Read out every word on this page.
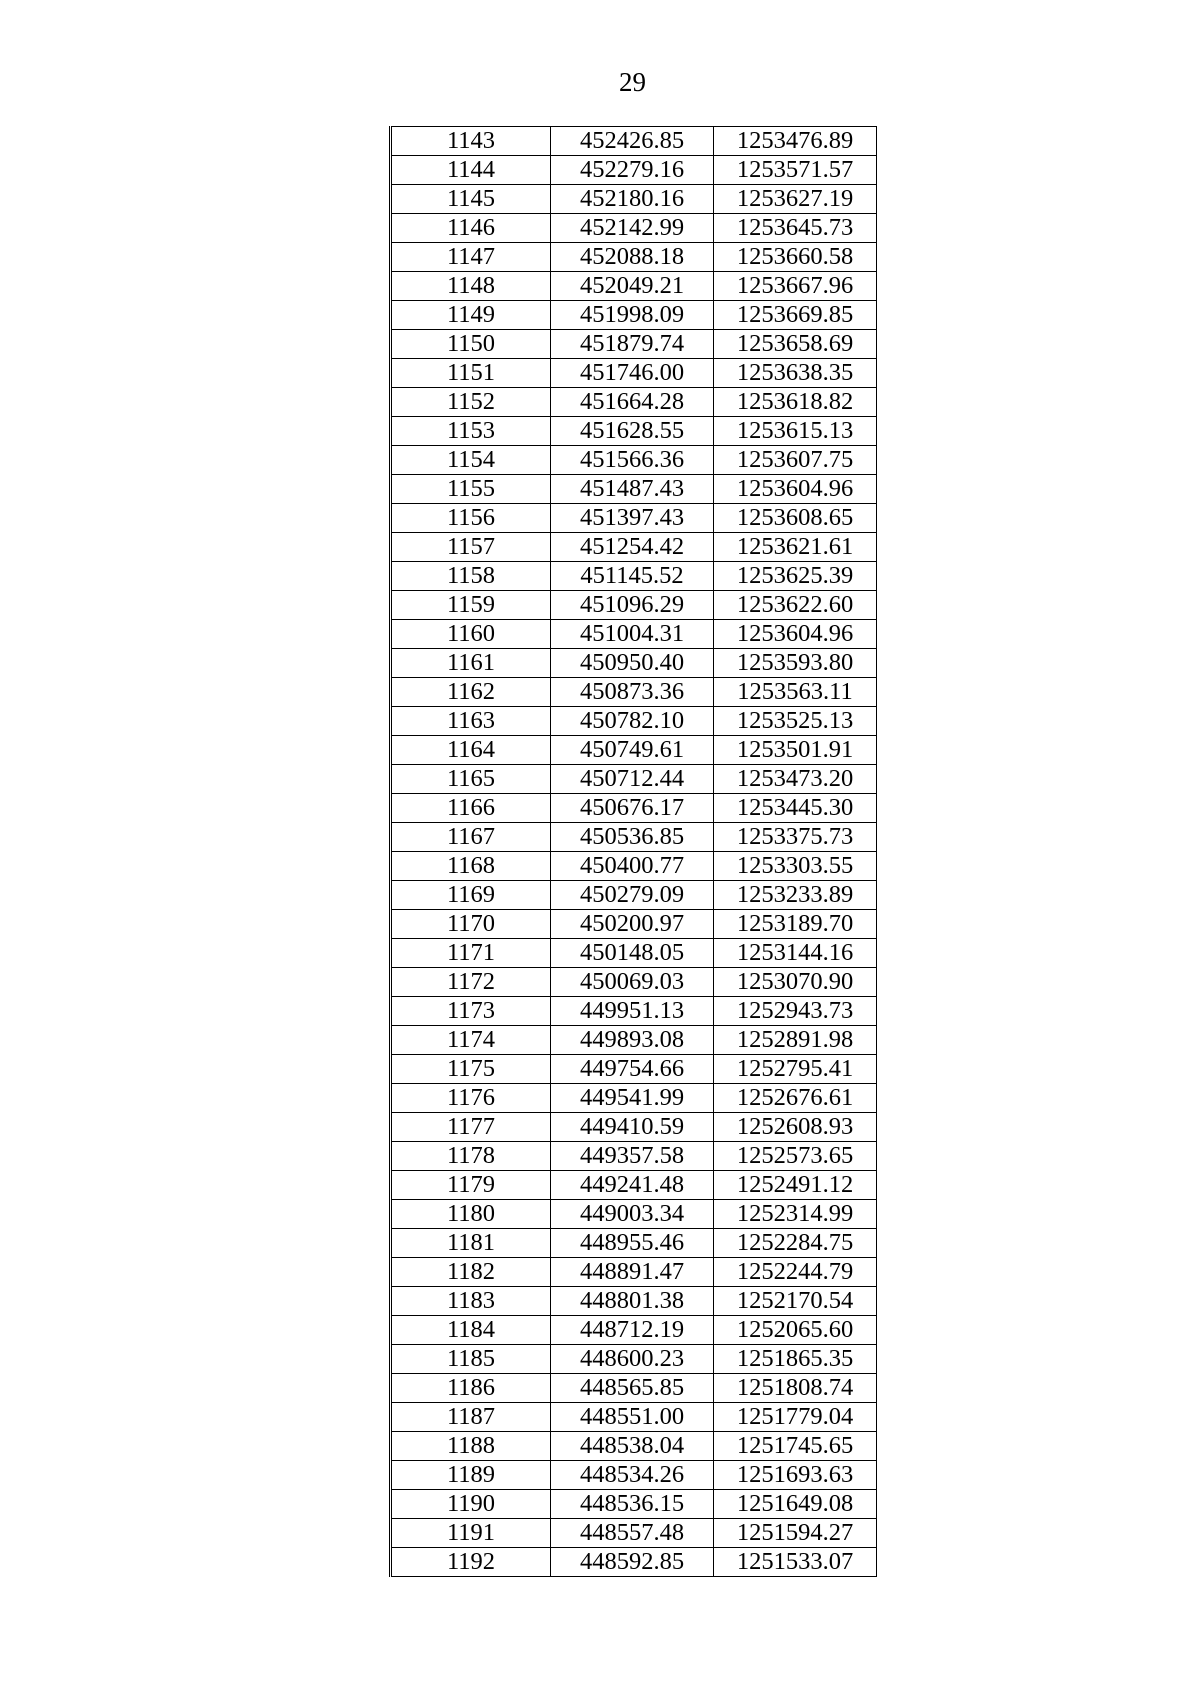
29
1143	452426.85	1253476.89
1144	452279.16	1253571.57
1145	452180.16	1253627.19
1146	452142.99	1253645.73
1147	452088.18	1253660.58
1148	452049.21	1253667.96
1149	451998.09	1253669.85
1150	451879.74	1253658.69
1151	451746.00	1253638.35
1152	451664.28	1253618.82
1153	451628.55	1253615.13
1154	451566.36	1253607.75
1155	451487.43	1253604.96
1156	451397.43	1253608.65
1157	451254.42	1253621.61
1158	451145.52	1253625.39
1159	451096.29	1253622.60
1160	451004.31	1253604.96
1161	450950.40	1253593.80
1162	450873.36	1253563.11
1163	450782.10	1253525.13
1164	450749.61	1253501.91
1165	450712.44	1253473.20
1166	450676.17	1253445.30
1167	450536.85	1253375.73
1168	450400.77	1253303.55
1169	450279.09	1253233.89
1170	450200.97	1253189.70
1171	450148.05	1253144.16
1172	450069.03	1253070.90
1173	449951.13	1252943.73
1174	449893.08	1252891.98
1175	449754.66	1252795.41
1176	449541.99	1252676.61
1177	449410.59	1252608.93
1178	449357.58	1252573.65
1179	449241.48	1252491.12
1180	449003.34	1252314.99
1181	448955.46	1252284.75
1182	448891.47	1252244.79
1183	448801.38	1252170.54
1184	448712.19	1252065.60
1185	448600.23	1251865.35
1186	448565.85	1251808.74
1187	448551.00	1251779.04
1188	448538.04	1251745.65
1189	448534.26	1251693.63
1190	448536.15	1251649.08
1191	448557.48	1251594.27
1192	448592.85	1251533.07
